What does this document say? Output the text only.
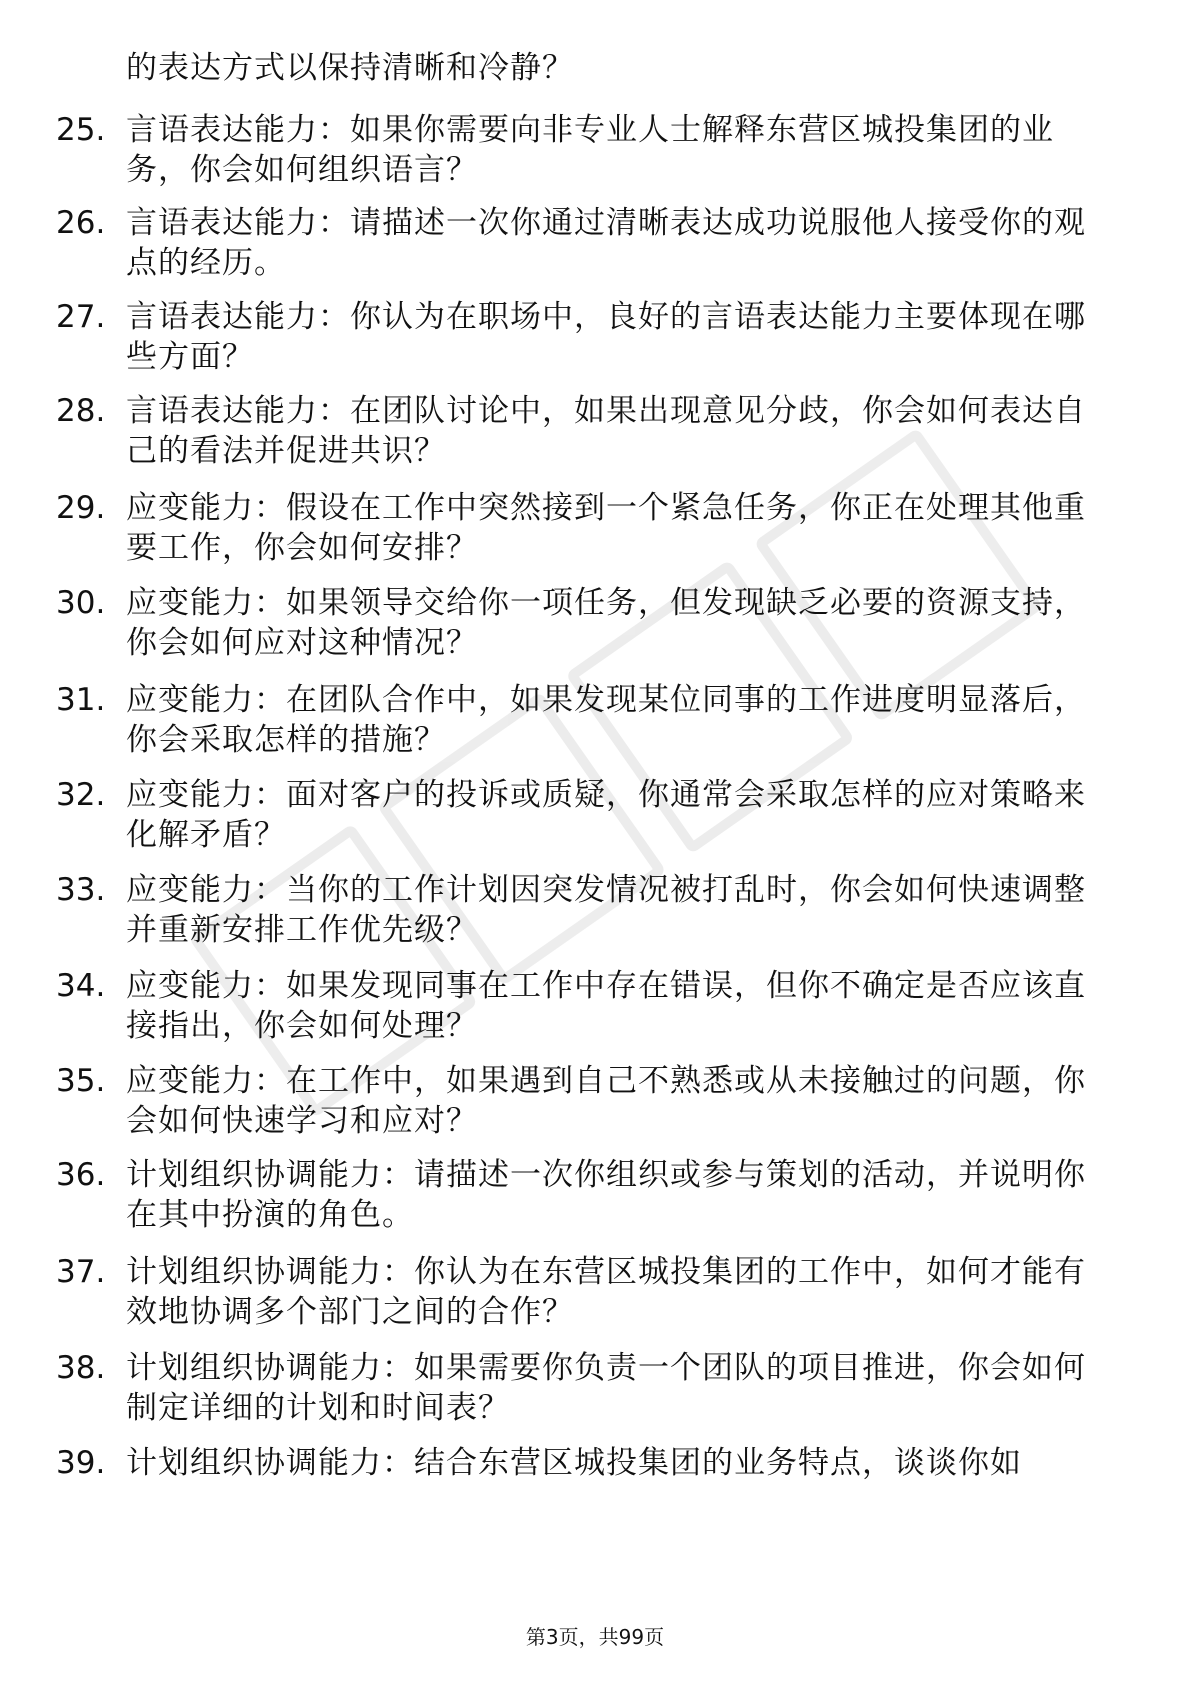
的表达方式以保持清晰和冷静？
25. 言语表达能力：如果你需要向非专业人士解释东营区城投集团的业务，你会如何组织语言？
26. 言语表达能力：请描述一次你通过清晰表达成功说服他人接受你的观点的经历。
27. 言语表达能力：你认为在职场中，良好的言语表达能力主要体现在哪些方面？
28. 言语表达能力：在团队讨论中，如果出现意见分歧，你会如何表达自己的看法并促进共识？
29. 应变能力：假设在工作中突然接到一个紧急任务，你正在处理其他重要工作，你会如何安排？
30. 应变能力：如果领导交给你一项任务，但发现缺乏必要的资源支持，你会如何应对这种情况？
31. 应变能力：在团队合作中，如果发现某位同事的工作进度明显落后，你会采取怎样的措施？
32. 应变能力：面对客户的投诉或质疑，你通常会采取怎样的应对策略来化解矛盾？
33. 应变能力：当你的工作计划因突发情况被打乱时，你会如何快速调整并重新安排工作优先级？
34. 应变能力：如果发现同事在工作中存在错误，但你不确定是否应该直接指出，你会如何处理？
35. 应变能力：在工作中，如果遇到自己不熟悉或从未接触过的问题，你会如何快速学习和应对？
36. 计划组织协调能力：请描述一次你组织或参与策划的活动，并说明你在其中扮演的角色。
37. 计划组织协调能力：你认为在东营区城投集团的工作中，如何才能有效地协调多个部门之间的合作？
38. 计划组织协调能力：如果需要你负责一个团队的项目推进，你会如何制定详细的计划和时间表？
39. 计划组织协调能力：结合东营区城投集团的业务特点，谈谈你如
第3页，共99页
